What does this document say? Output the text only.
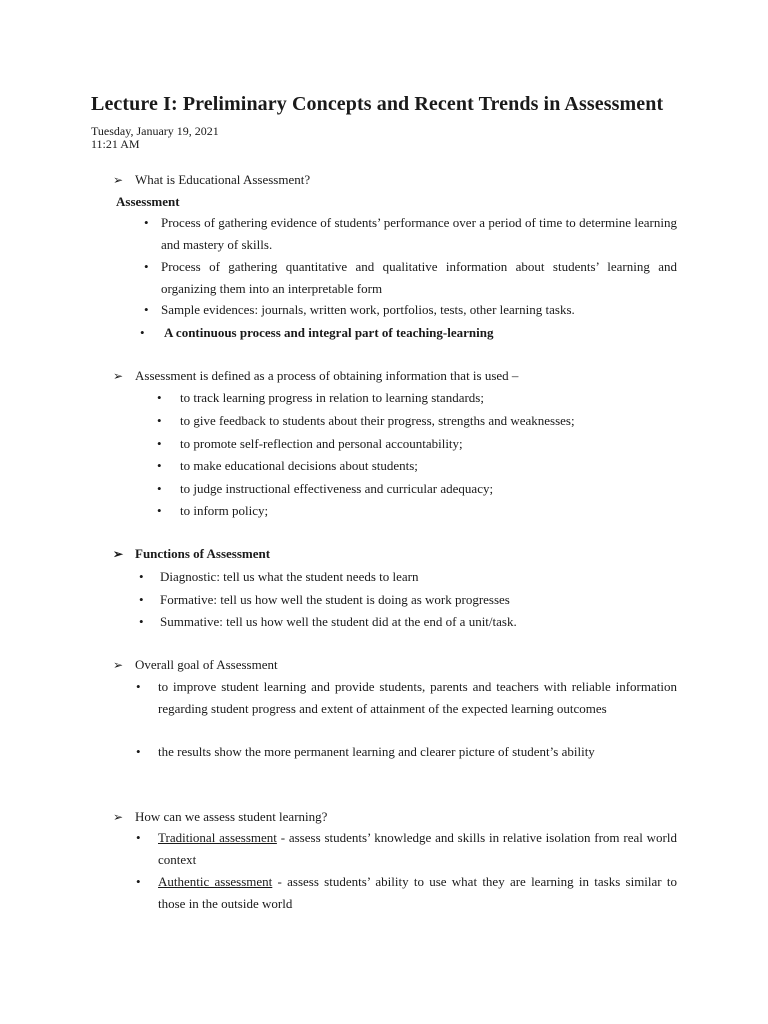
Lecture I: Preliminary Concepts and Recent Trends in Assessment
Tuesday, January 19, 2021
11:21 AM
➢ What is Educational Assessment?
Assessment
• Process of gathering evidence of students’ performance over a period of time to determine learning and mastery of skills.
• Process of gathering quantitative and qualitative information about students’ learning and organizing them into an interpretable form
• Sample evidences: journals, written work, portfolios, tests, other learning tasks.
• A continuous process and integral part of teaching-learning
➢ Assessment is defined as a process of obtaining information that is used –
• to track learning progress in relation to learning standards;
• to give feedback to students about their progress, strengths and weaknesses;
• to promote self-reflection and personal accountability;
• to make educational decisions about students;
• to judge instructional effectiveness and curricular adequacy;
• to inform policy;
➢ Functions of Assessment
• Diagnostic: tell us what the student needs to learn
• Formative: tell us how well the student is doing as work progresses
• Summative: tell us how well the student did at the end of a unit/task.
➢ Overall goal of Assessment
• to improve student learning and provide students, parents and teachers with reliable information regarding student progress and extent of attainment of the expected learning outcomes
• the results show the more permanent learning and clearer picture of student’s ability
➢ How can we assess student learning?
• Traditional assessment - assess students’ knowledge and skills in relative isolation from real world context
• Authentic assessment - assess students’ ability to use what they are learning in tasks similar to those in the outside world
